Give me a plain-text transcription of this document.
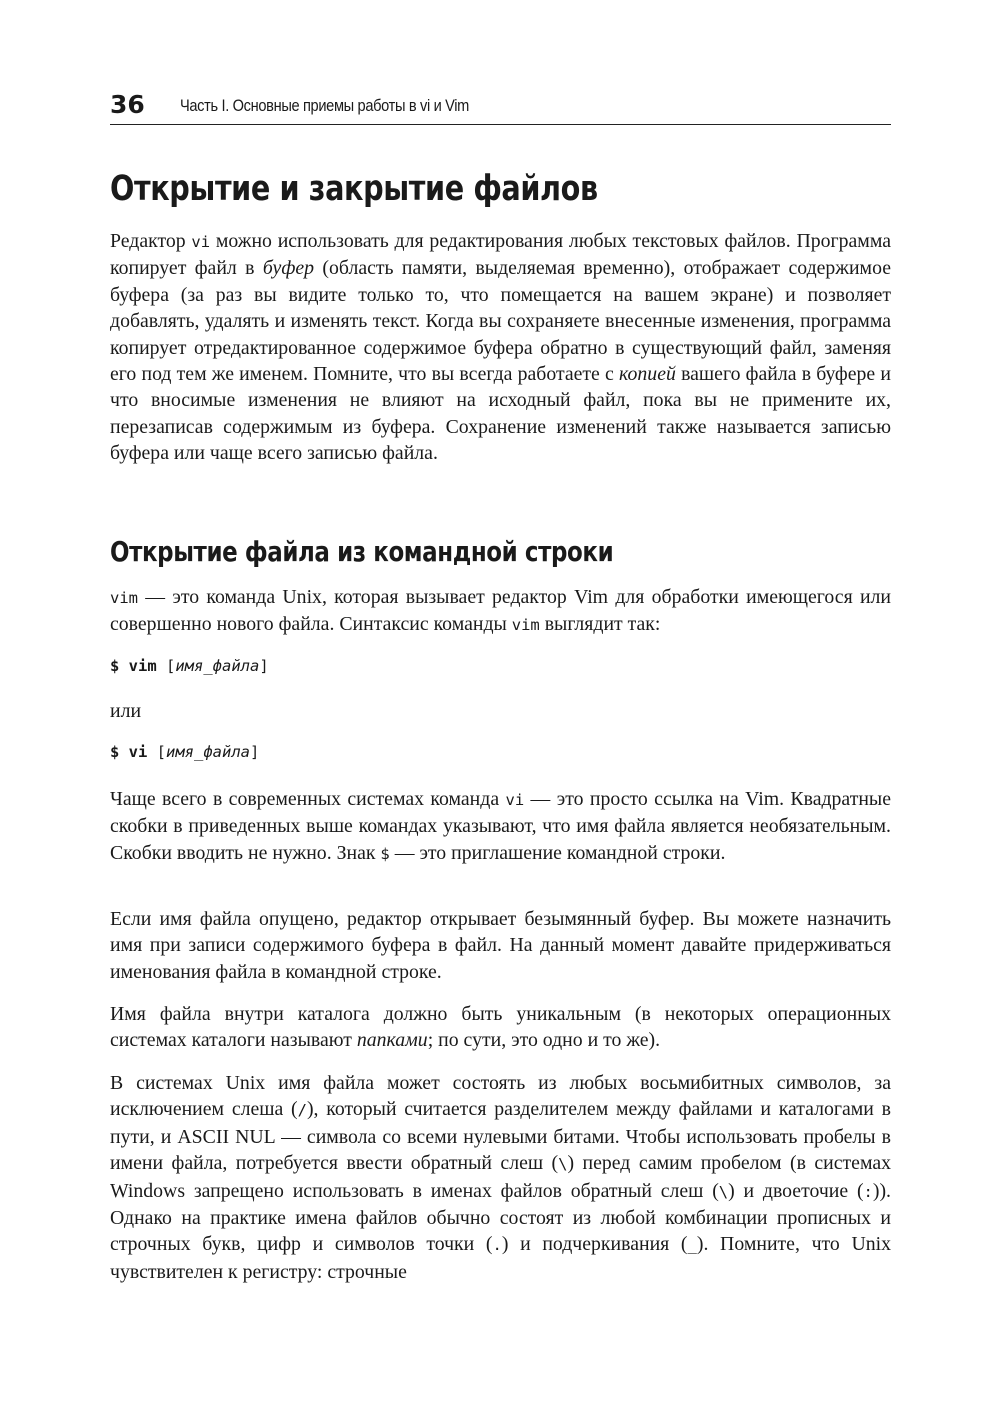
36 Часть I. Основные приемы работы в vi и Vim
Открытие и закрытие файлов

Редактор vi можно использовать для редактирования любых текстовых файлов. Программа копирует файл в буфер (область памяти, выделяемая временно), отображает содержимое буфера (за раз вы видите только то, что помещается на вашем экране) и позволяет добавлять, удалять и изменять текст. Когда вы сохраняете внесенные изменения, программа копирует отредактированное содержимое буфера обратно в существующий файл, заменяя его под тем же именем. Помните, что вы всегда работаете с копией вашего файла в буфере и что вносимые изменения не влияют на исходный файл, пока вы не примените их, перезаписав содержимым из буфера. Сохранение изменений также называется записью буфера или чаще всего записью файла.

Открытие файла из командной строки

vim — это команда Unix, которая вызывает редактор Vim для обработки имеющегося или совершенно нового файла. Синтаксис команды vim выглядит так:

$ vim [имя_файла]

или

$ vi [имя_файла]

Чаще всего в современных системах команда vi — это просто ссылка на Vim. Квадратные скобки в приведенных выше командах указывают, что имя файла является необязательным. Скобки вводить не нужно. Знак $ — это приглашение командной строки.

Если имя файла опущено, редактор открывает безымянный буфер. Вы можете назначить имя при записи содержимого буфера в файл. На данный момент давайте придерживаться именования файла в командной строке.

Имя файла внутри каталога должно быть уникальным (в некоторых операционных системах каталоги называют папками; по сути, это одно и то же).

В системах Unix имя файла может состоять из любых восьмибитных символов, за исключением слеша (/), который считается разделителем между файлами и каталогами в пути, и ASCII NUL — символа со всеми нулевыми битами. Чтобы использовать пробелы в имени файла, потребуется ввести обратный слеш (\) перед самим пробелом (в системах Windows запрещено использовать в именах файлов обратный слеш (\) и двоеточие (:)). Однако на практике имена файлов обычно состоят из любой комбинации прописных и строчных букв, цифр и символов точки (.) и подчеркивания (_). Помните, что Unix чувствителен к регистру: строчные
